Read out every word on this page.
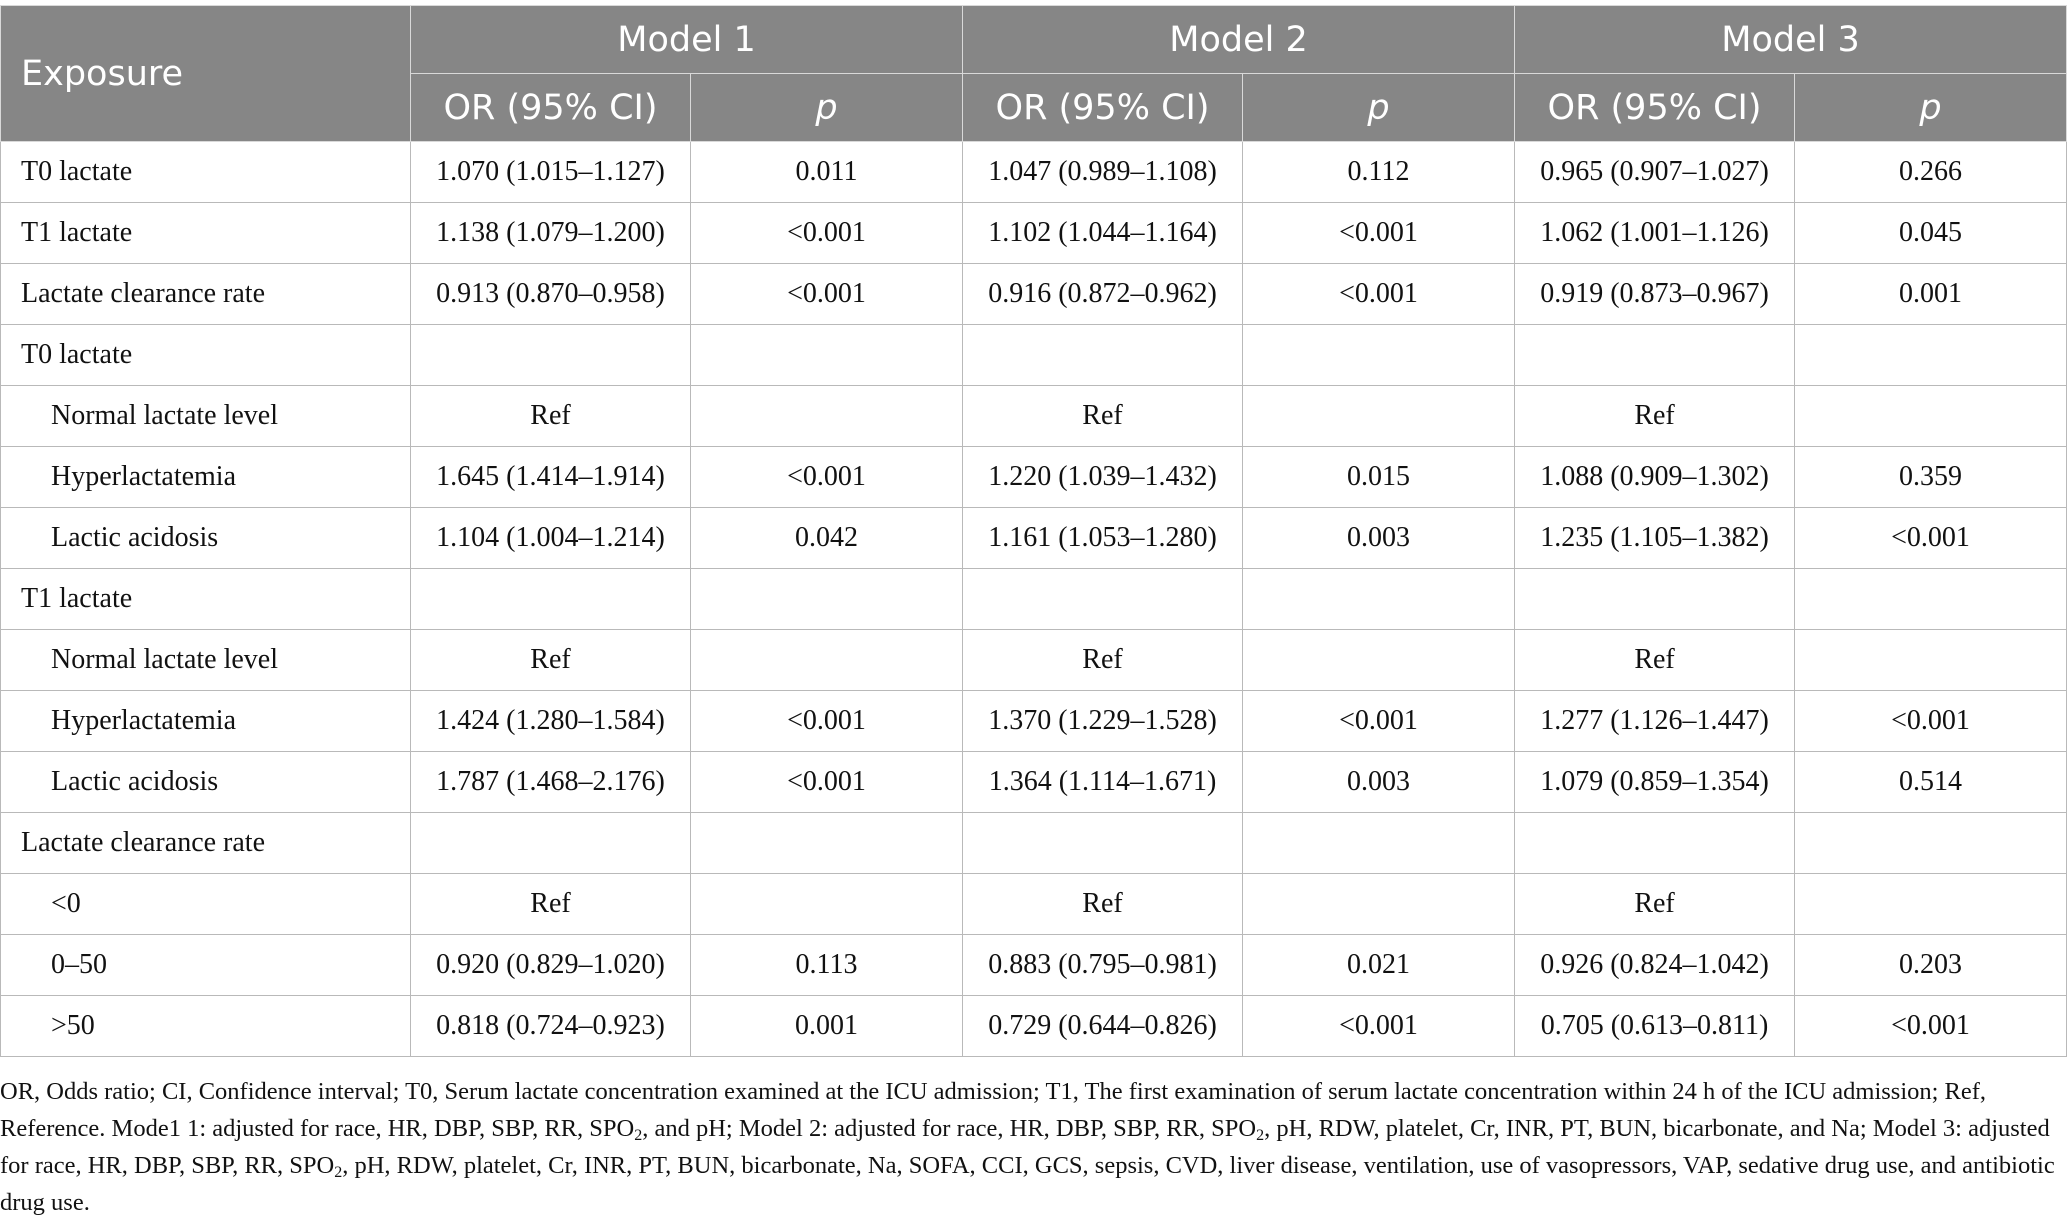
Exposure	Model 1		Model 2		Model 3	
	OR (95% CI)	p	OR (95% CI)	p	OR (95% CI)	p
T0 lactate	1.070 (1.015–1.127)	0.011	1.047 (0.989–1.108)	0.112	0.965 (0.907–1.027)	0.266
T1 lactate	1.138 (1.079–1.200)	<0.001	1.102 (1.044–1.164)	<0.001	1.062 (1.001–1.126)	0.045
Lactate clearance rate	0.913 (0.870–0.958)	<0.001	0.916 (0.872–0.962)	<0.001	0.919 (0.873–0.967)	0.001
T0 lactate						
Normal lactate level	Ref		Ref		Ref	
Hyperlactatemia	1.645 (1.414–1.914)	<0.001	1.220 (1.039–1.432)	0.015	1.088 (0.909–1.302)	0.359
Lactic acidosis	1.104 (1.004–1.214)	0.042	1.161 (1.053–1.280)	0.003	1.235 (1.105–1.382)	<0.001
T1 lactate						
Normal lactate level	Ref		Ref		Ref	
Hyperlactatemia	1.424 (1.280–1.584)	<0.001	1.370 (1.229–1.528)	<0.001	1.277 (1.126–1.447)	<0.001
Lactic acidosis	1.787 (1.468–2.176)	<0.001	1.364 (1.114–1.671)	0.003	1.079 (0.859–1.354)	0.514
Lactate clearance rate						
<0	Ref		Ref		Ref	
0–50	0.920 (0.829–1.020)	0.113	0.883 (0.795–0.981)	0.021	0.926 (0.824–1.042)	0.203
>50	0.818 (0.724–0.923)	0.001	0.729 (0.644–0.826)	<0.001	0.705 (0.613–0.811)	<0.001
OR, Odds ratio; CI, Confidence interval; T0, Serum lactate concentration examined at the ICU admission; T1, The first examination of serum lactate concentration within 24 h of the ICU admission; Ref, Reference. Mode1 1: adjusted for race, HR, DBP, SBP, RR, $SPO_2$, and pH; Model 2: adjusted for race, HR, DBP, SBP, RR, $SPO_2$, pH, RDW, platelet, Cr, INR, PT, BUN, bicarbonate, and Na; Model 3: adjusted for race, HR, DBP, SBP, RR, $SPO_2$, pH, RDW, platelet, Cr, INR, PT, BUN, bicarbonate, Na, SOFA, CCI, GCS, sepsis, CVD, liver disease, ventilation, use of vasopressors, VAP, sedative drug use, and antibiotic drug use.
